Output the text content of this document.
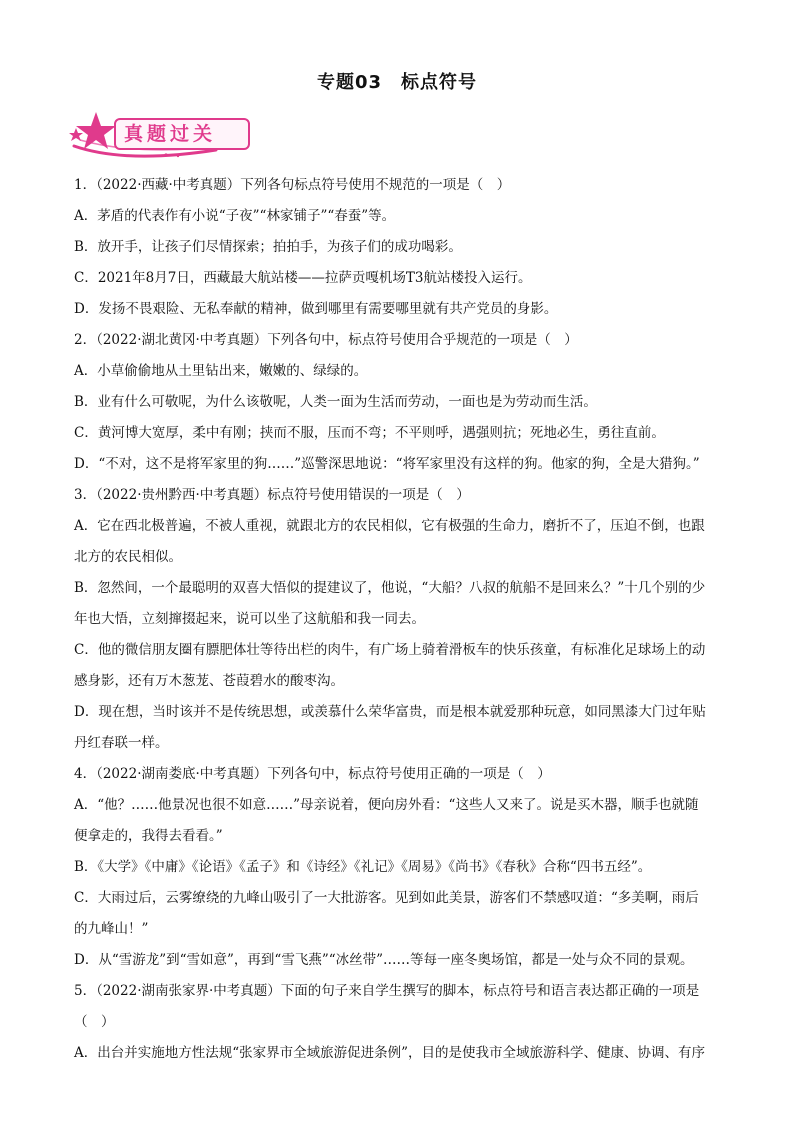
专题03　标点符号
真题过关
1．（2022·西藏·中考真题）下列各句标点符号使用不规范的一项是（　）
A．茅盾的代表作有小说“子夜”“林家铺子”“春蚕”等。
B．放开手，让孩子们尽情探索；拍拍手，为孩子们的成功喝彩。
C．2021年8月7日，西藏最大航站楼——拉萨贡嘎机场T3航站楼投入运行。
D．发扬不畏艰险、无私奉献的精神，做到哪里有需要哪里就有共产党员的身影。
2．（2022·湖北黄冈·中考真题）下列各句中，标点符号使用合乎规范的一项是（　）
A．小草偷偷地从土里钻出来，嫩嫩的、绿绿的。
B．业有什么可敬呢，为什么该敬呢，人类一面为生活而劳动，一面也是为劳动而生活。
C．黄河博大宽厚，柔中有刚；挟而不服，压而不弯；不平则呼，遇强则抗；死地必生，勇往直前。
D．“不对，这不是将军家里的狗……”巡警深思地说：“将军家里没有这样的狗。他家的狗，全是大猎狗。”
3．（2022·贵州黔西·中考真题）标点符号使用错误的一项是（　）
A．它在西北极普遍，不被人重视，就跟北方的农民相似，它有极强的生命力，磨折不了，压迫不倒，也跟
北方的农民相似。
B．忽然间，一个最聪明的双喜大悟似的提建议了，他说，“大船？八叔的航船不是回来么？”十几个别的少
年也大悟，立刻撺掇起来，说可以坐了这航船和我一同去。
C．他的微信朋友圈有膘肥体壮等待出栏的肉牛，有广场上骑着滑板车的快乐孩童，有标准化足球场上的动
感身影，还有万木葱茏、苍葭碧水的酸枣沟。
D．现在想，当时该并不是传统思想，或羡慕什么荣华富贵，而是根本就爱那种玩意，如同黑漆大门过年贴
丹红春联一样。
4．（2022·湖南娄底·中考真题）下列各句中，标点符号使用正确的一项是（　）
A．“他？……他景况也很不如意……”母亲说着，便向房外看：“这些人又来了。说是买木器，顺手也就随
便拿走的，我得去看看。”
B．《大学》《中庸》《论语》《孟子》和《诗经》《礼记》《周易》《尚书》《春秋》合称“四书五经”。
C．大雨过后，云雾缭绕的九峰山吸引了一大批游客。见到如此美景，游客们不禁感叹道：“多美啊，雨后
的九峰山！”
D．从“雪游龙”到“雪如意”，再到“雪飞燕”“冰丝带”……等每一座冬奥场馆，都是一处与众不同的景观。
5．（2022·湖南张家界·中考真题）下面的句子来自学生撰写的脚本，标点符号和语言表达都正确的一项是
（　）
A．出台并实施地方性法规“张家界市全域旅游促进条例”，目的是使我市全域旅游科学、健康、协调、有序
